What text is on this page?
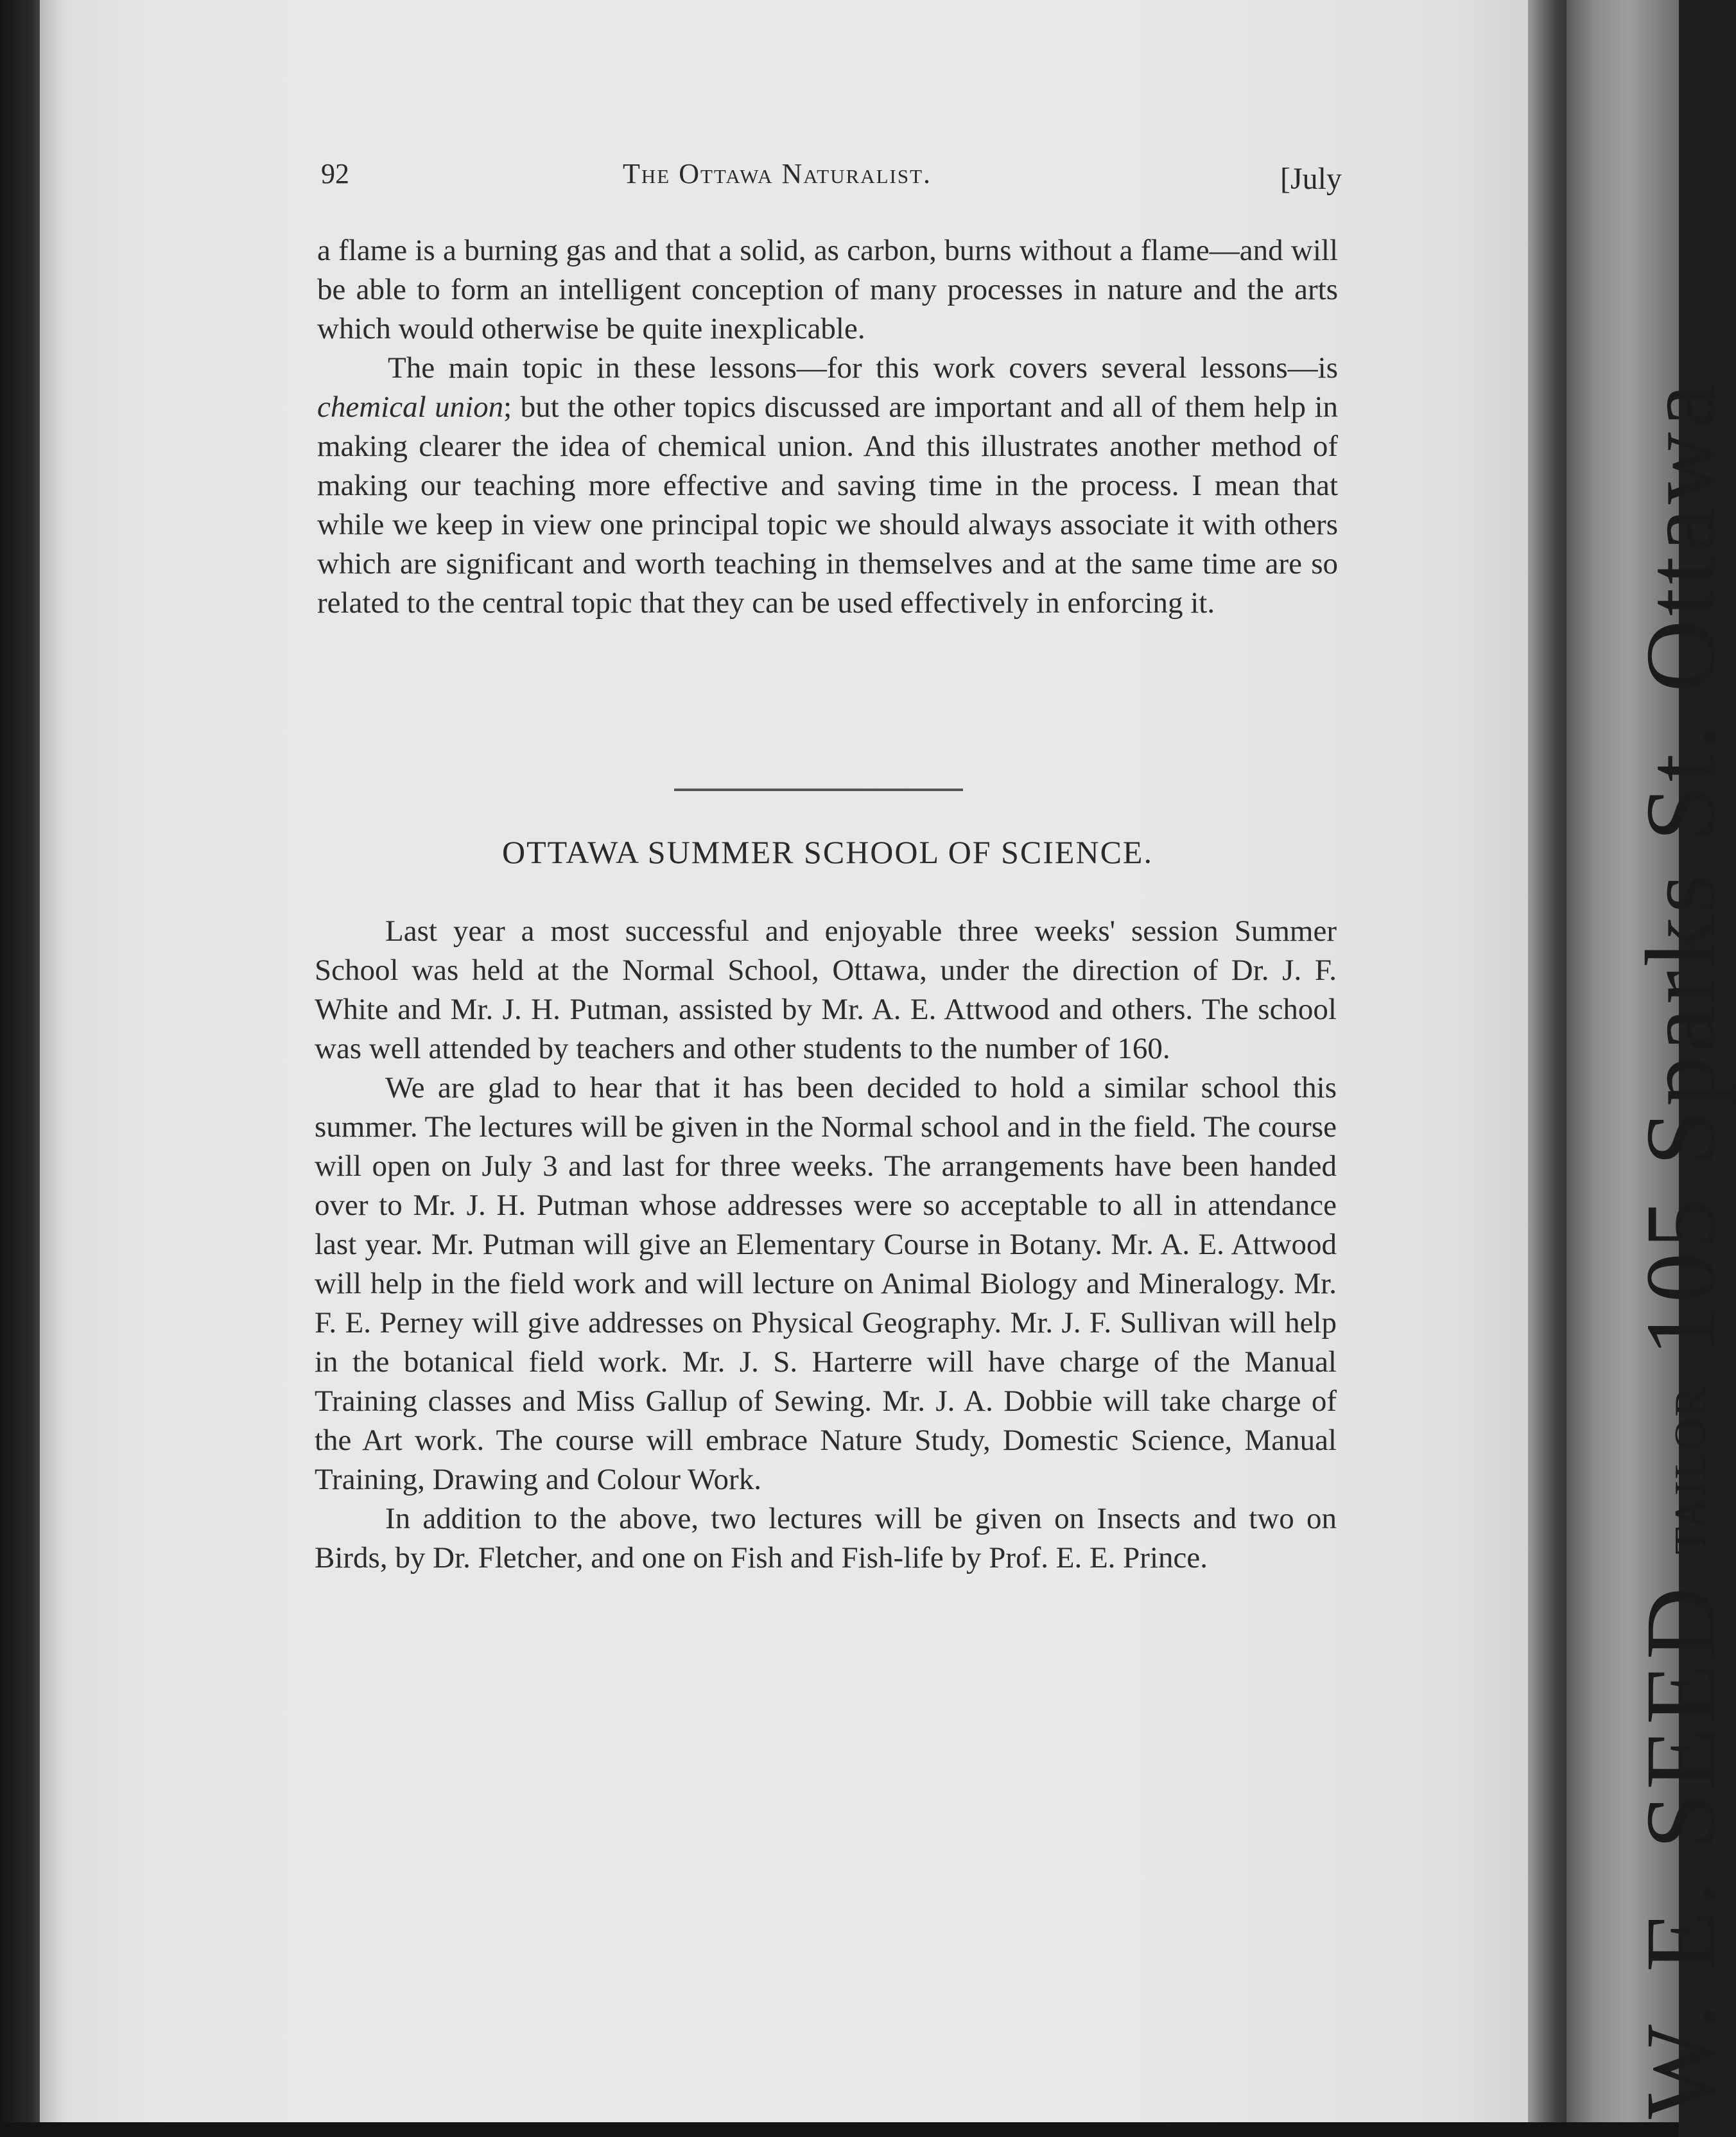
W. E. SEED TAILOR 105 Sparks St. Ottawa
92	The Ottawa Naturalist.	[July

a flame is a burning gas and that a solid, as carbon, burns without a flame—and will be able to form an intelligent conception of many processes in nature and the arts which would otherwise be quite inexplicable.

The main topic in these lessons—for this work covers several lessons—is chemical union; but the other topics discussed are important and all of them help in making clearer the idea of chemical union. And this illustrates another method of making our teaching more effective and saving time in the process. I mean that while we keep in view one principal topic we should always associate it with others which are significant and worth teaching in themselves and at the same time are so related to the central topic that they can be used effectively in enforcing it.

OTTAWA SUMMER SCHOOL OF SCIENCE.

Last year a most successful and enjoyable three weeks' session Summer School was held at the Normal School, Ottawa, under the direction of Dr. J. F. White and Mr. J. H. Putman, assisted by Mr. A. E. Attwood and others. The school was well attended by teachers and other students to the number of 160.

We are glad to hear that it has been decided to hold a similar school this summer. The lectures will be given in the Normal school and in the field. The course will open on July 3 and last for three weeks. The arrangements have been handed over to Mr. J. H. Putman whose addresses were so acceptable to all in attendance last year. Mr. Putman will give an Elementary Course in Botany. Mr. A. E. Attwood will help in the field work and will lecture on Animal Biology and Mineralogy. Mr. F. E. Perney will give addresses on Physical Geography. Mr. J. F. Sullivan will help in the botanical field work. Mr. J. S. Harterre will have charge of the Manual Training classes and Miss Gallup of Sewing. Mr. J. A. Dobbie will take charge of the Art work. The course will embrace Nature Study, Domestic Science, Manual Training, Drawing and Colour Work.

In addition to the above, two lectures will be given on Insects and two on Birds, by Dr. Fletcher, and one on Fish and Fish-life by Prof. E. E. Prince.
